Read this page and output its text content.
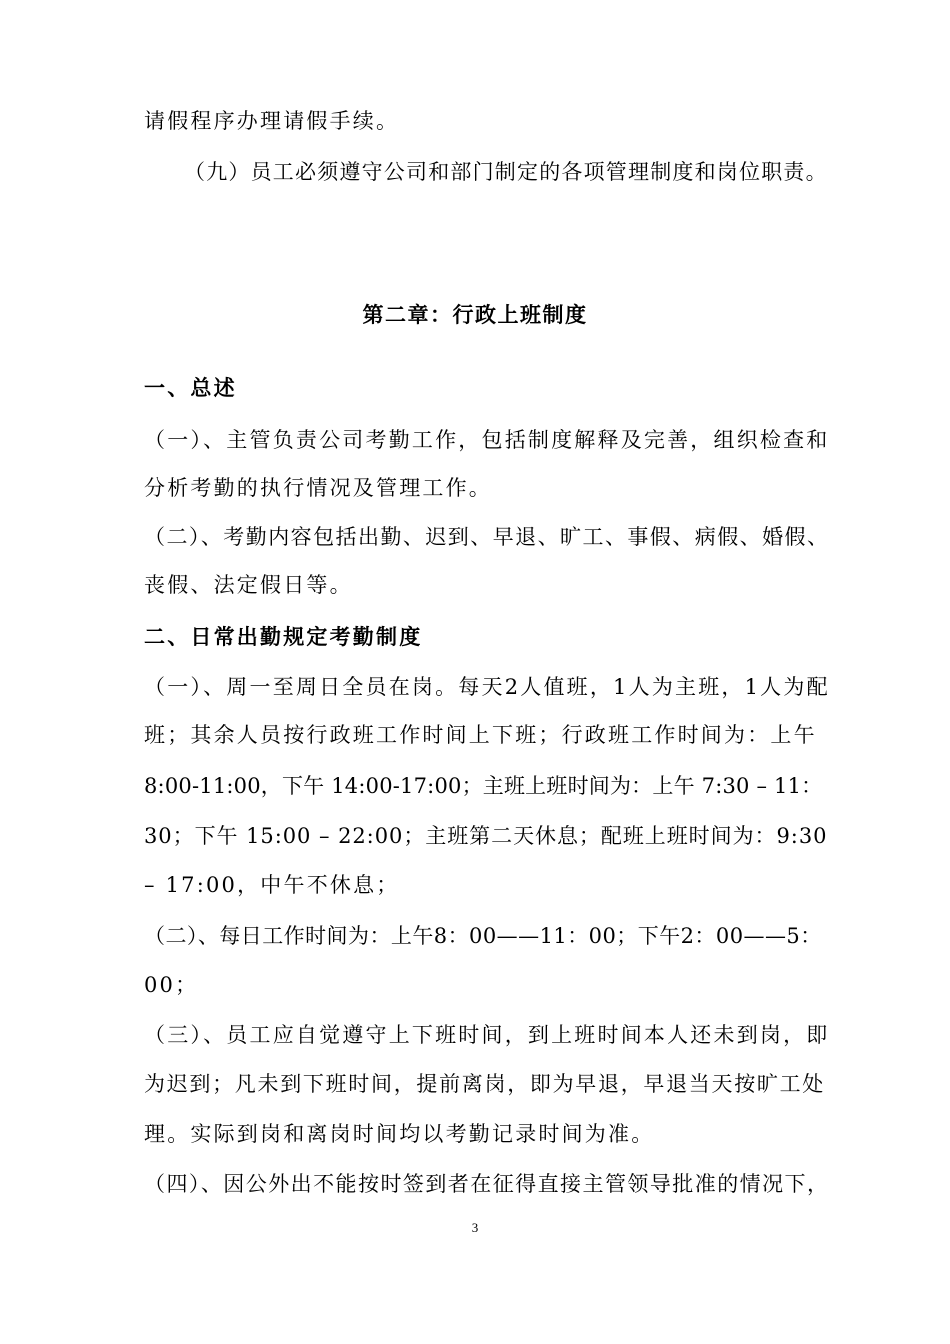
请假程序办理请假手续。
（九）员工必须遵守公司和部门制定的各项管理制度和岗位职责。
第二章：行政上班制度
一、总述
（一）、主管负责公司考勤工作，包括制度解释及完善，组织检查和
分析考勤的执行情况及管理工作。
（二）、考勤内容包括出勤、迟到、早退、旷工、事假、病假、婚假、
丧假、法定假日等。
二、日常出勤规定考勤制度
（一）、周一至周日全员在岗。每天2人值班，1人为主班，1人为配
班；其余人员按行政班工作时间上下班；行政班工作时间为：上午
8:00-11:00，下午 14:00-17:00；主班上班时间为：上午 7:30 – 11：
30；下午 15:00 – 22:00；主班第二天休息；配班上班时间为：9:30
– 17:00，中午不休息；
（二）、每日工作时间为：上午8：00——11：00；下午2：00——5：
00；
（三）、员工应自觉遵守上下班时间，到上班时间本人还未到岗，即
为迟到；凡未到下班时间，提前离岗，即为早退，早退当天按旷工处
理。实际到岗和离岗时间均以考勤记录时间为准。
（四）、因公外出不能按时签到者在征得直接主管领导批准的情况下，
3
